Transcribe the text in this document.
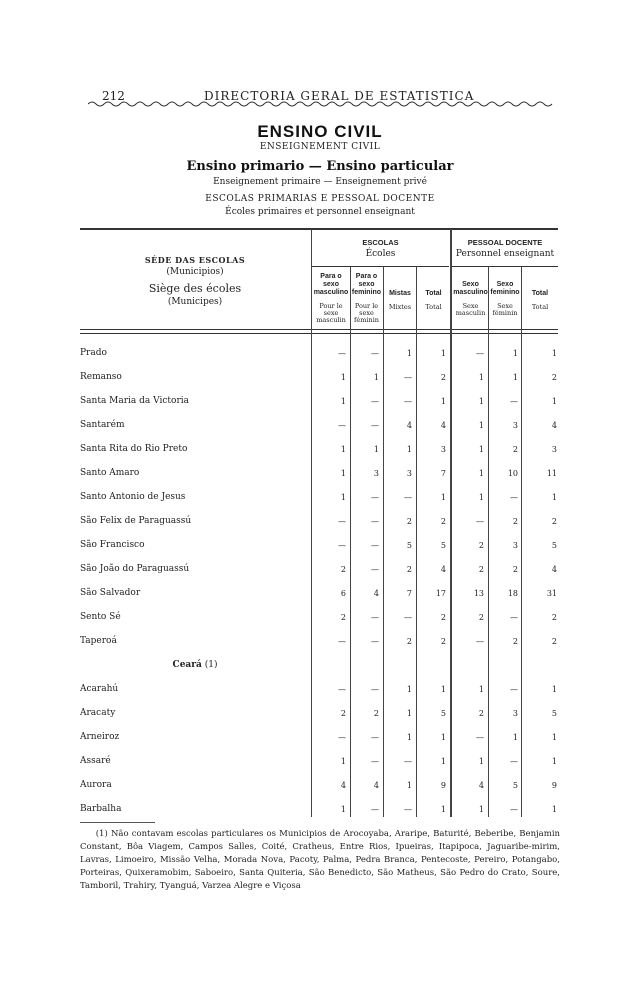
212	DIRECTORIA GERAL DE ESTATISTICA
ENSINO CIVIL
ENSEIGNEMENT CIVIL
Ensino primario — Ensino particular
Enseignement primaire — Enseignement privé
ESCOLAS PRIMARIAS E PESSOAL DOCENTE
Écoles primaires et personnel enseignant
SÉDE DAS ESCOLAS
(Municipios)
Siège des écoles
(Municipes)
ESCOLAS
Écoles
PESSOAL DOCENTE
Personnel enseignant
Para o sexo masculino
Pour le sexe masculin
Para o sexo feminino
Pour le sexe féminin
Mistas
Mixtes
Total
Total
Sexo masculino
Sexe masculin
Sexo feminino
Sexe féminin
Total
Total
Prado	—	—	1	1	—	1	1
Remanso	1	1	—	2	1	1	2
Santa Maria da Victoria	1	—	—	1	1	—	1
Santarém	—	—	4	4	1	3	4
Santa Rita do Rio Preto	1	1	1	3	1	2	3
Santo Amaro	1	3	3	7	1	10	11
Santo Antonio de Jesus	1	—	—	1	1	—	1
São Felix de Paraguassú	—	—	2	2	—	2	2
São Francisco	—	—	5	5	2	3	5
São João do Paraguassú	2	—	2	4	2	2	4
São Salvador	6	4	7	17	13	18	31
Sento Sé	2	—	—	2	2	—	2
Taperoá	—	—	2	2	—	2	2
Acarahú	—	—	1	1	1	—	1
Aracaty	2	2	1	5	2	3	5
Arneiroz	—	—	1	1	—	1	1
Assaré	1	—	—	1	1	—	1
Aurora	4	4	1	9	4	5	9
Barbalha	1	—	—	1	1	—	1
Ceará (1)
(1) Não contavam escolas particulares os Municipios de Arocoyaba, Araripe, Baturité, Beberibe, Benjamin Constant, Bôa Viagem, Campos Salles, Coité, Cratheus, Entre Rios, Ipueiras, Itapipoca, Jaguaribe-mirim, Lavras, Limoeiro, Missão Velha, Morada Nova, Pacoty, Palma, Pedra Branca, Pentecoste, Pereiro, Potangabo, Porteiras, Quixeramobim, Saboeiro, Santa Quiteria, São Benedicto, São Matheus, São Pedro do Crato, Soure, Tamboril, Trahiry, Tyanguá, Varzea Alegre e Viçosa
